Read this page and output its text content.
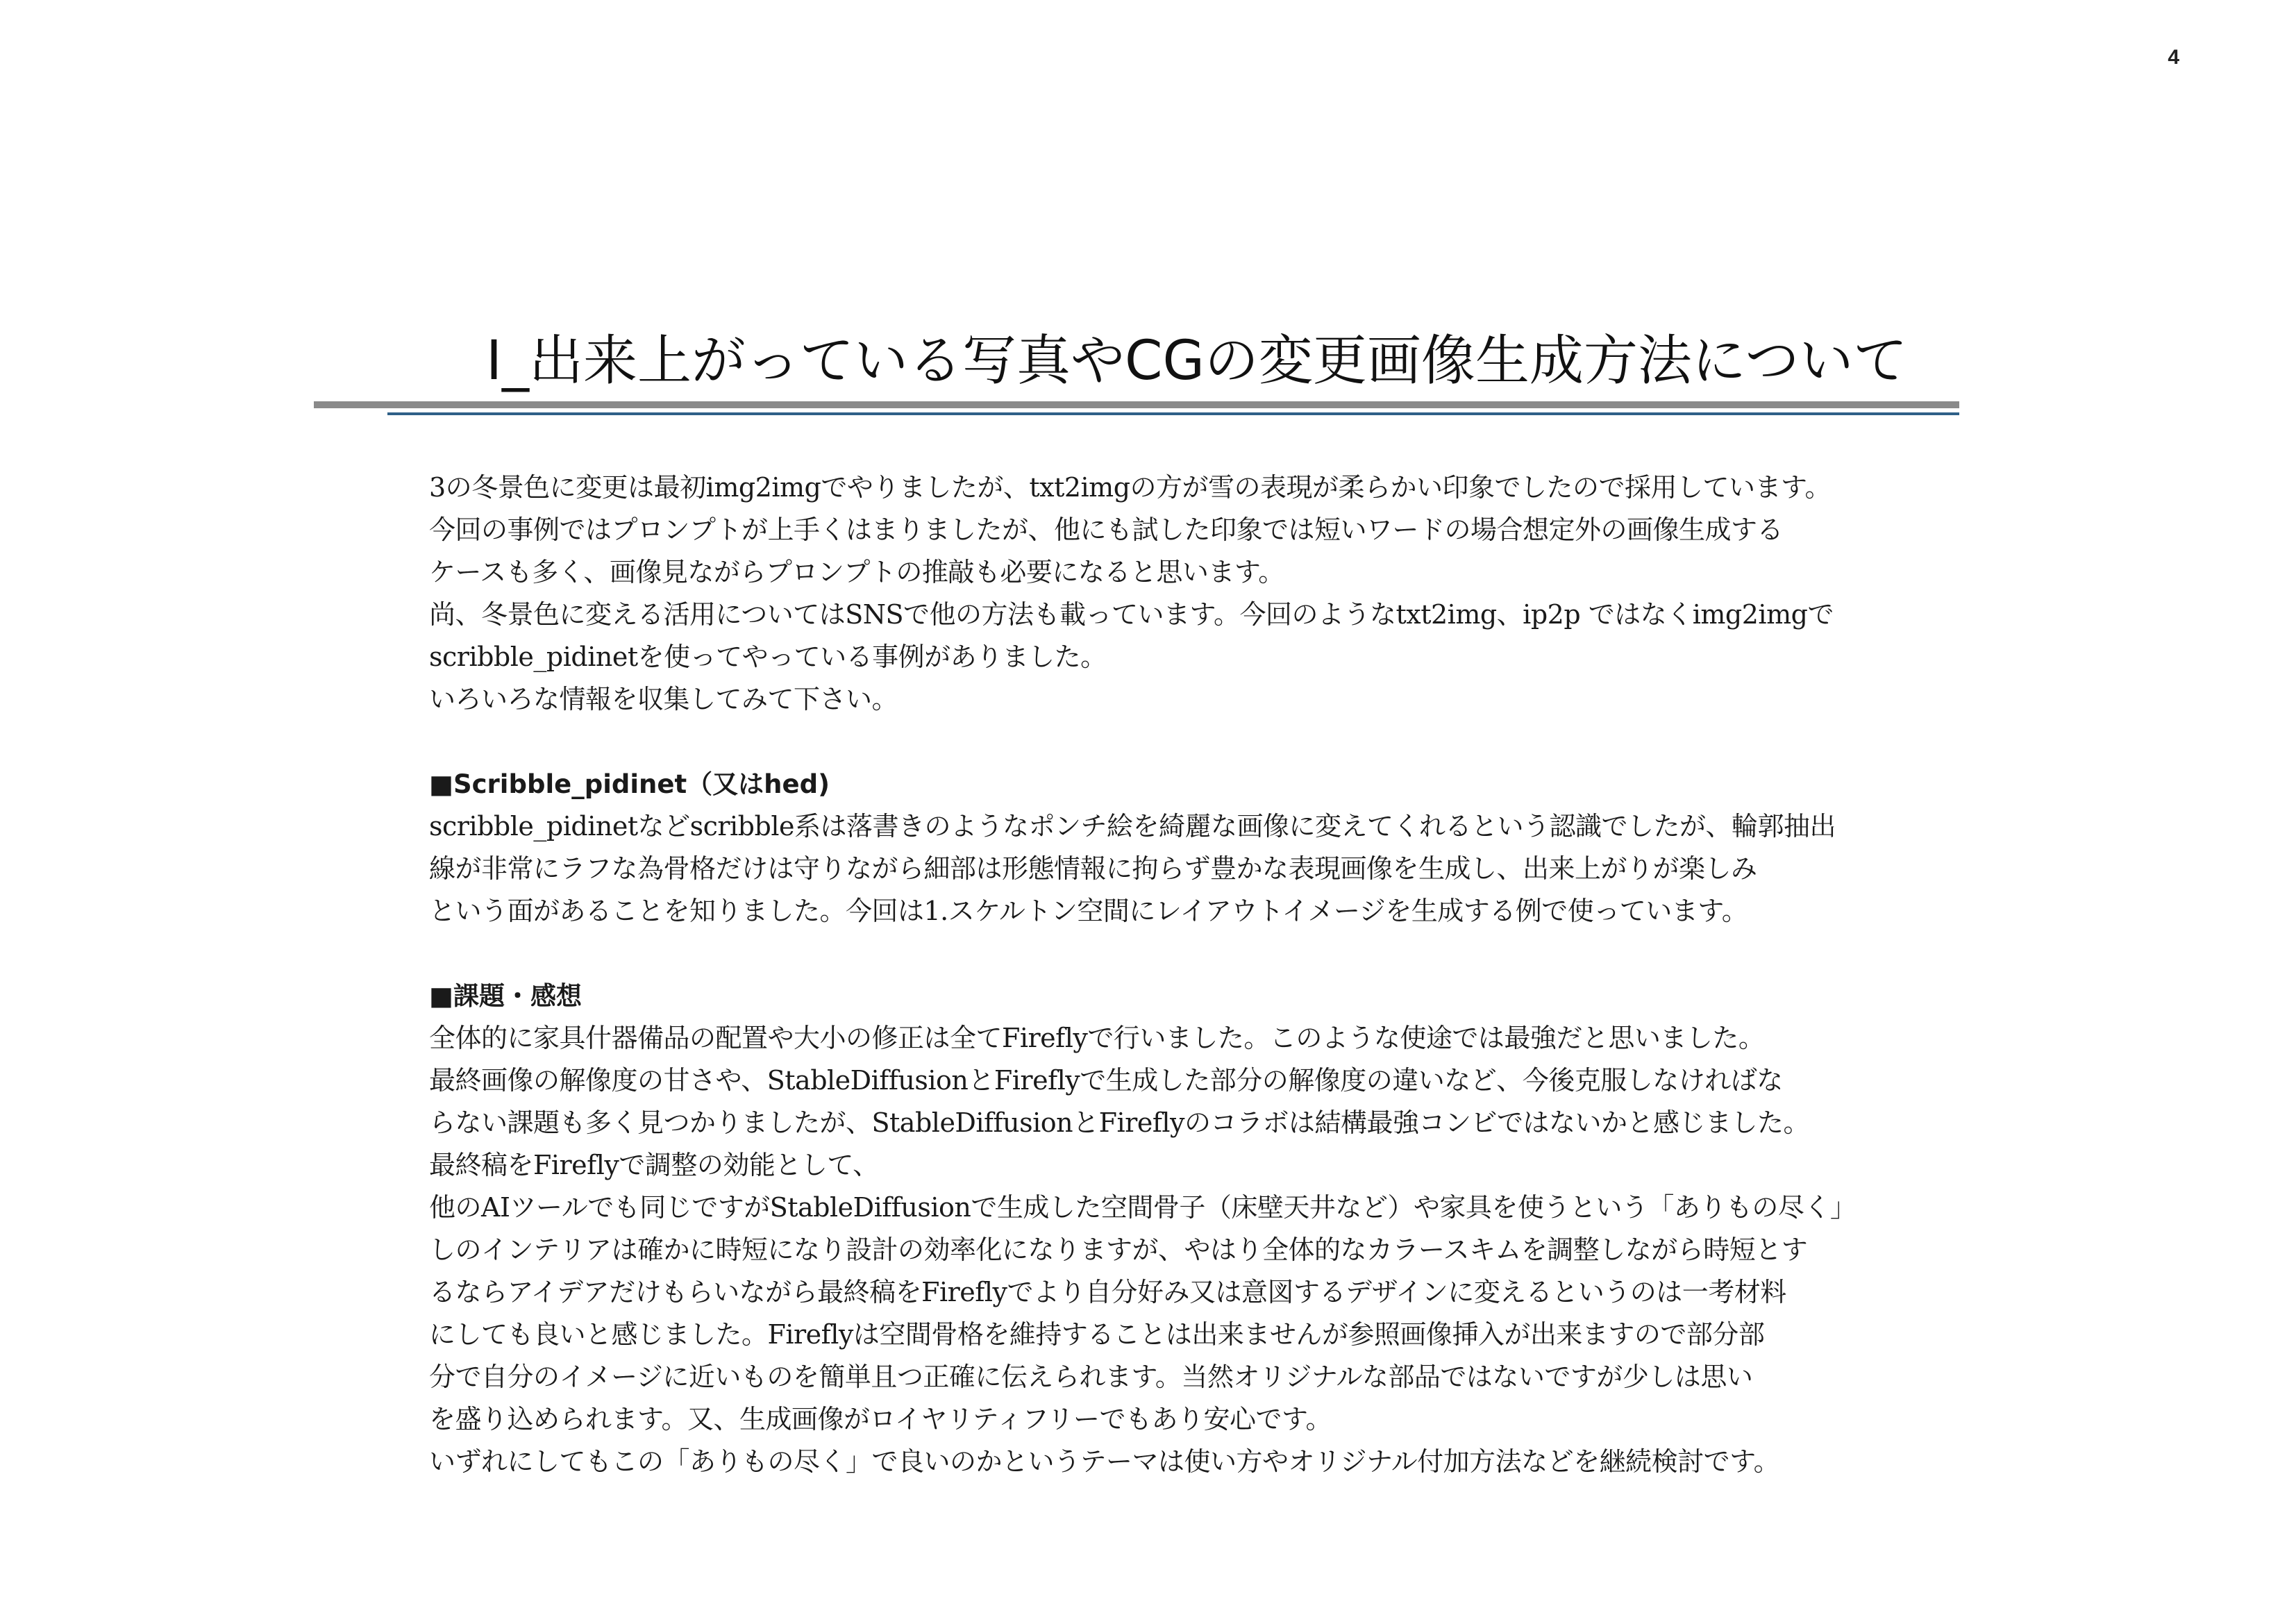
4
Ⅰ_出来上がっている写真やCGの変更画像生成方法について
3の冬景色に変更は最初img2imgでやりましたが、txt2imgの方が雪の表現が柔らかい印象でしたので採用しています。
今回の事例ではプロンプトが上手くはまりましたが、他にも試した印象では短いワードの場合想定外の画像生成する
ケースも多く、画像見ながらプロンプトの推敲も必要になると思います。
尚、冬景色に変える活用についてはSNSで他の方法も載っています。今回のようなtxt2img、ip2p ではなくimg2imgで
scribble_pidinetを使ってやっている事例がありました。
いろいろな情報を収集してみて下さい。
■Scribble_pidinet（又はhed)
scribble_pidinetなどscribble系は落書きのようなポンチ絵を綺麗な画像に変えてくれるという認識でしたが、輪郭抽出
線が非常にラフな為骨格だけは守りながら細部は形態情報に拘らず豊かな表現画像を生成し、出来上がりが楽しみ
という面があることを知りました。今回は1.スケルトン空間にレイアウトイメージを生成する例で使っています。
■課題・感想
全体的に家具什器備品の配置や大小の修正は全てFireflyで行いました。このような使途では最強だと思いました。
最終画像の解像度の甘さや、StableDiffusionとFireflyで生成した部分の解像度の違いなど、今後克服しなければな
らない課題も多く見つかりましたが、StableDiffusionとFireflyのコラボは結構最強コンビではないかと感じました。
最終稿をFireflyで調整の効能として、
他のAIツールでも同じですがStableDiffusionで生成した空間骨子（床壁天井など）や家具を使うという「ありもの尽く」
しのインテリアは確かに時短になり設計の効率化になりますが、やはり全体的なカラースキムを調整しながら時短とす
るならアイデアだけもらいながら最終稿をFireflyでより自分好み又は意図するデザインに変えるというのは一考材料
にしても良いと感じました。Fireflyは空間骨格を維持することは出来ませんが参照画像挿入が出来ますので部分部
分で自分のイメージに近いものを簡単且つ正確に伝えられます。当然オリジナルな部品ではないですが少しは思い
を盛り込められます。又、生成画像がロイヤリティフリーでもあり安心です。
いずれにしてもこの「ありもの尽く」で良いのかというテーマは使い方やオリジナル付加方法などを継続検討です。
